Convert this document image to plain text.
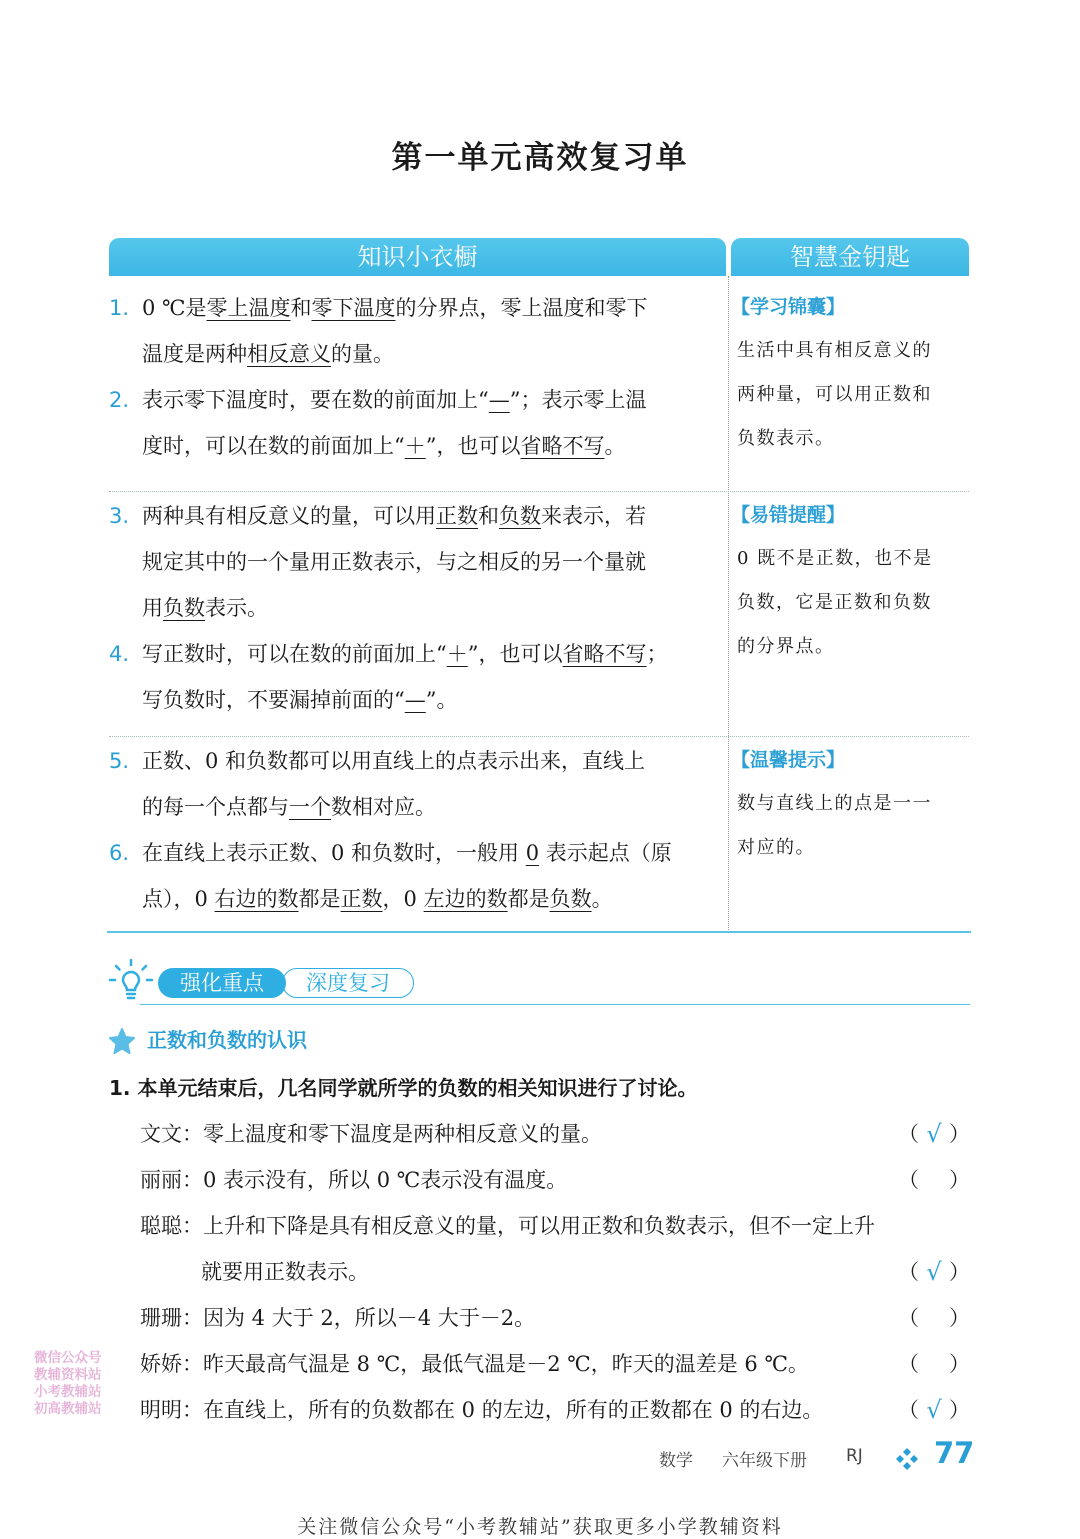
第一单元高效复习单
知识小衣橱	智慧金钥匙
1. 0 ℃是零上温度和零下温度的分界点，零上温度和零下
温度是两种相反意义的量。
2. 表示零下温度时，要在数的前面加上“—”；表示零上温
度时，可以在数的前面加上“＋”，也可以省略不写。
【学习锦囊】
生活中具有相反意义的
两种量，可以用正数和
负数表示。
3. 两种具有相反意义的量，可以用正数和负数来表示，若
规定其中的一个量用正数表示，与之相反的另一个量就
用负数表示。
4. 写正数时，可以在数的前面加上“＋”，也可以省略不写；
写负数时，不要漏掉前面的“—”。
【易错提醒】
0 既不是正数，也不是
负数，它是正数和负数
的分界点。
5. 正数、0 和负数都可以用直线上的点表示出来，直线上
的每一个点都与一个数相对应。
6. 在直线上表示正数、0 和负数时，一般用 0 表示起点（原
点），0 右边的数都是正数，0 左边的数都是负数。
【温馨提示】
数与直线上的点是一一
对应的。
深度复习
强化重点
正数和负数的认识
1. 本单元结束后，几名同学就所学的负数的相关知识进行了讨论。
文文：零上温度和零下温度是两种相反意义的量。	（ √ ）
丽丽：0 表示没有，所以 0 ℃表示没有温度。	（ ）
聪聪：上升和下降是具有相反意义的量，可以用正数和负数表示，但不一定上升
就要用正数表示。	（ √ ）
珊珊：因为 4 大于 2，所以－4 大于－2。	（ ）
娇娇：昨天最高气温是 8 ℃，最低气温是－2 ℃，昨天的温差是 6 ℃。	（ ）
明明：在直线上，所有的负数都在 0 的左边，所有的正数都在 0 的右边。	（ √ ）
微信公众号
教辅资料站
小考教辅站
初高教辅站
数学 六年级下册 RJ 77
关注微信公众号“小考教辅站”获取更多小学教辅资料
